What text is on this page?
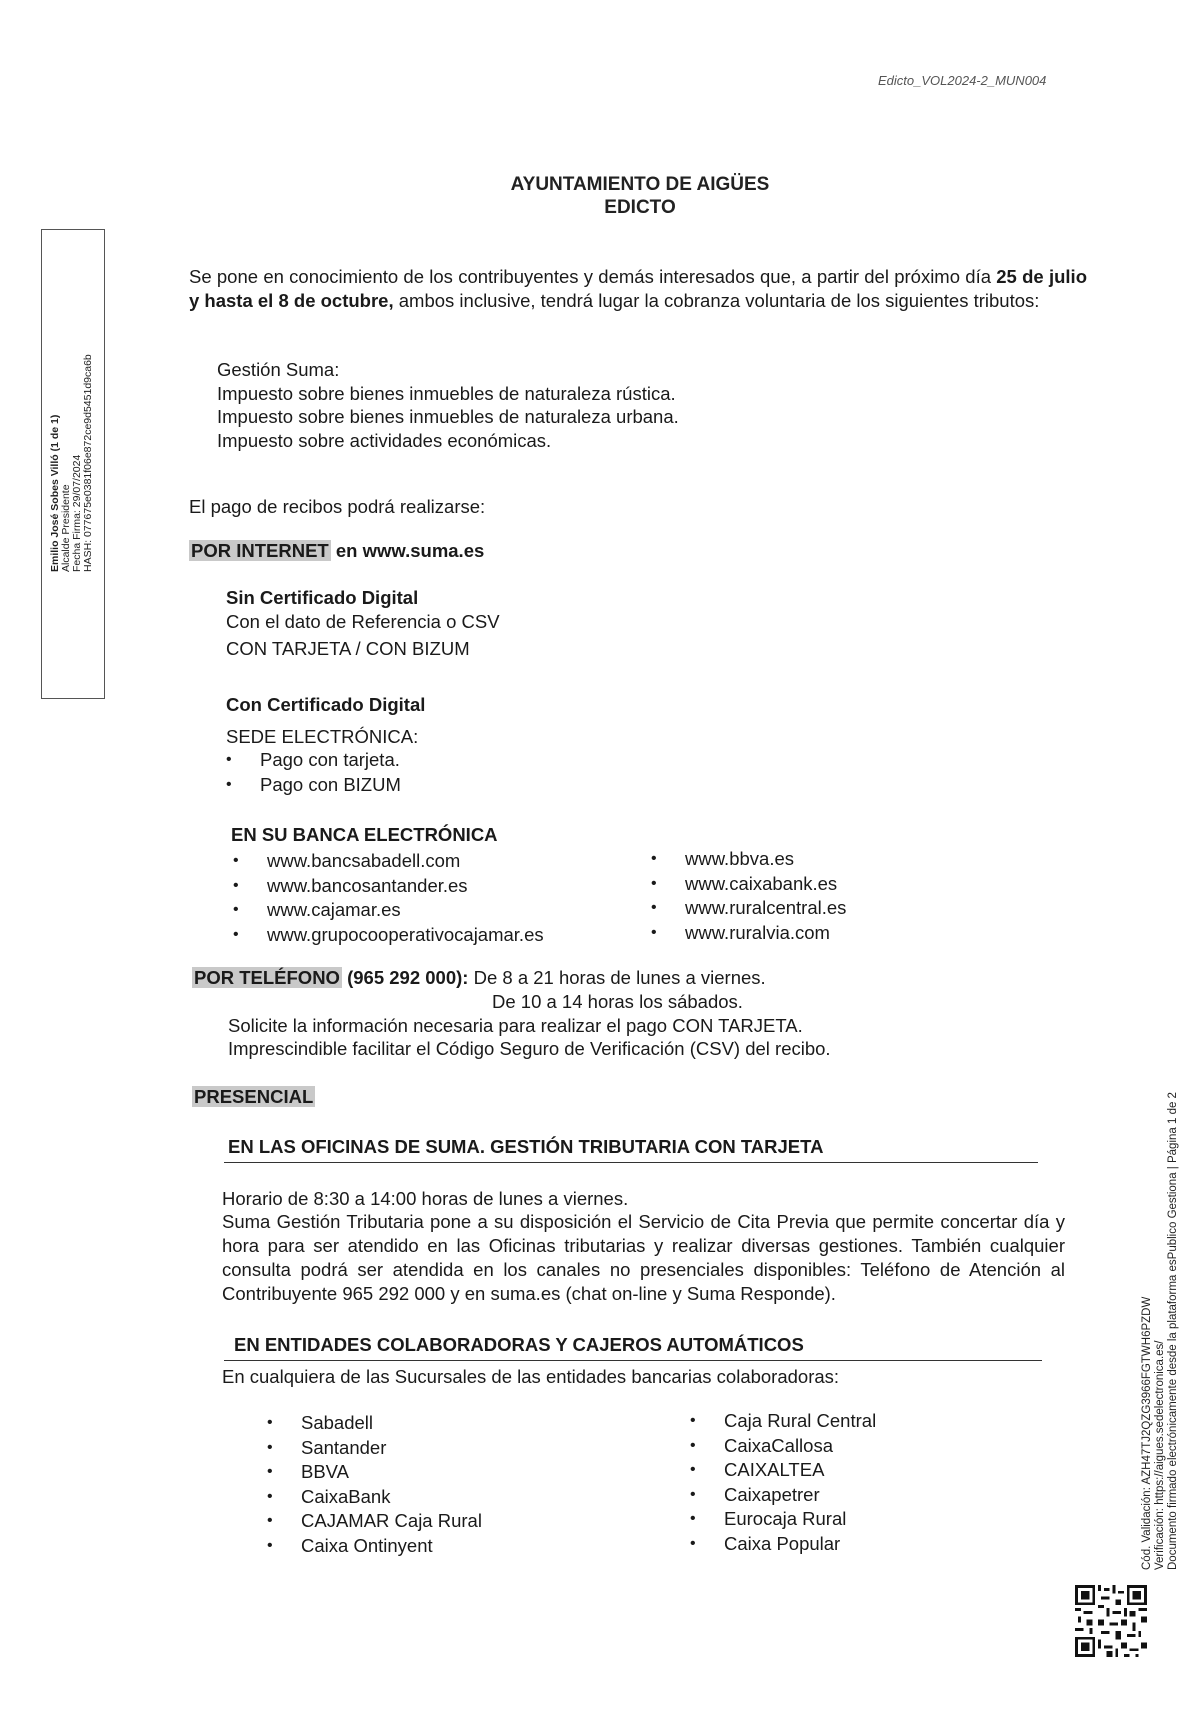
Edicto_VOL2024-2_MUN004
AYUNTAMIENTO DE AIGÜES
EDICTO
Emilio José Sobes Villó (1 de 1) Alcalde Presidente Fecha Firma: 29/07/2024 HASH: 077675e0381f06e872ce9d5451d9ca6b
Se pone en conocimiento de los contribuyentes y demás interesados que, a partir del próximo día 25 de julio y hasta el 8 de octubre, ambos inclusive, tendrá lugar la cobranza voluntaria de los siguientes tributos:
Gestión Suma:
Impuesto sobre bienes inmuebles de naturaleza rústica.
Impuesto sobre bienes inmuebles de naturaleza urbana.
Impuesto sobre actividades económicas.
El pago de recibos podrá realizarse:
POR INTERNET en www.suma.es
Sin Certificado Digital
Con el dato de Referencia o CSV
CON TARJETA / CON BIZUM
Con Certificado Digital
SEDE ELECTRÓNICA:
• Pago con tarjeta.
• Pago con BIZUM
EN SU BANCA ELECTRÓNICA
• www.bancsabadell.com
• www.bancosantander.es
• www.cajamar.es
• www.grupocooperativocajamar.es
• www.bbva.es
• www.caixabank.es
• www.ruralcentral.es
• www.ruralvia.com
POR TELÉFONO (965 292 000): De 8 a 21 horas de lunes a viernes.
De 10 a 14 horas los sábados.
Solicite la información necesaria para realizar el pago CON TARJETA.
Imprescindible facilitar el Código Seguro de Verificación (CSV) del recibo.
PRESENCIAL
EN LAS OFICINAS DE SUMA. GESTIÓN TRIBUTARIA CON TARJETA
Horario de 8:30 a 14:00 horas de lunes a viernes.
Suma Gestión Tributaria pone a su disposición el Servicio de Cita Previa que permite concertar día y hora para ser atendido en las Oficinas tributarias y realizar diversas gestiones. También cualquier consulta podrá ser atendida en los canales no presenciales disponibles: Teléfono de Atención al Contribuyente 965 292 000 y en suma.es (chat on-line y Suma Responde).
EN ENTIDADES COLABORADORAS Y CAJEROS AUTOMÁTICOS
En cualquiera de las Sucursales de las entidades bancarias colaboradoras:
• Sabadell
• Santander
• BBVA
• CaixaBank
• CAJAMAR Caja Rural
• Caixa Ontinyent
• Caja Rural Central
• CaixaCallosa
• CAIXALTEA
• Caixapetrer
• Eurocaja Rural
• Caixa Popular	Cód. Validación: AZH47TJ2QZG3966FGTWH6PZDW Verificación: https://aigues.sedelectronica.es/ Documento firmado electrónicamente desde la plataforma esPublico Gestiona | Página 1 de 2
